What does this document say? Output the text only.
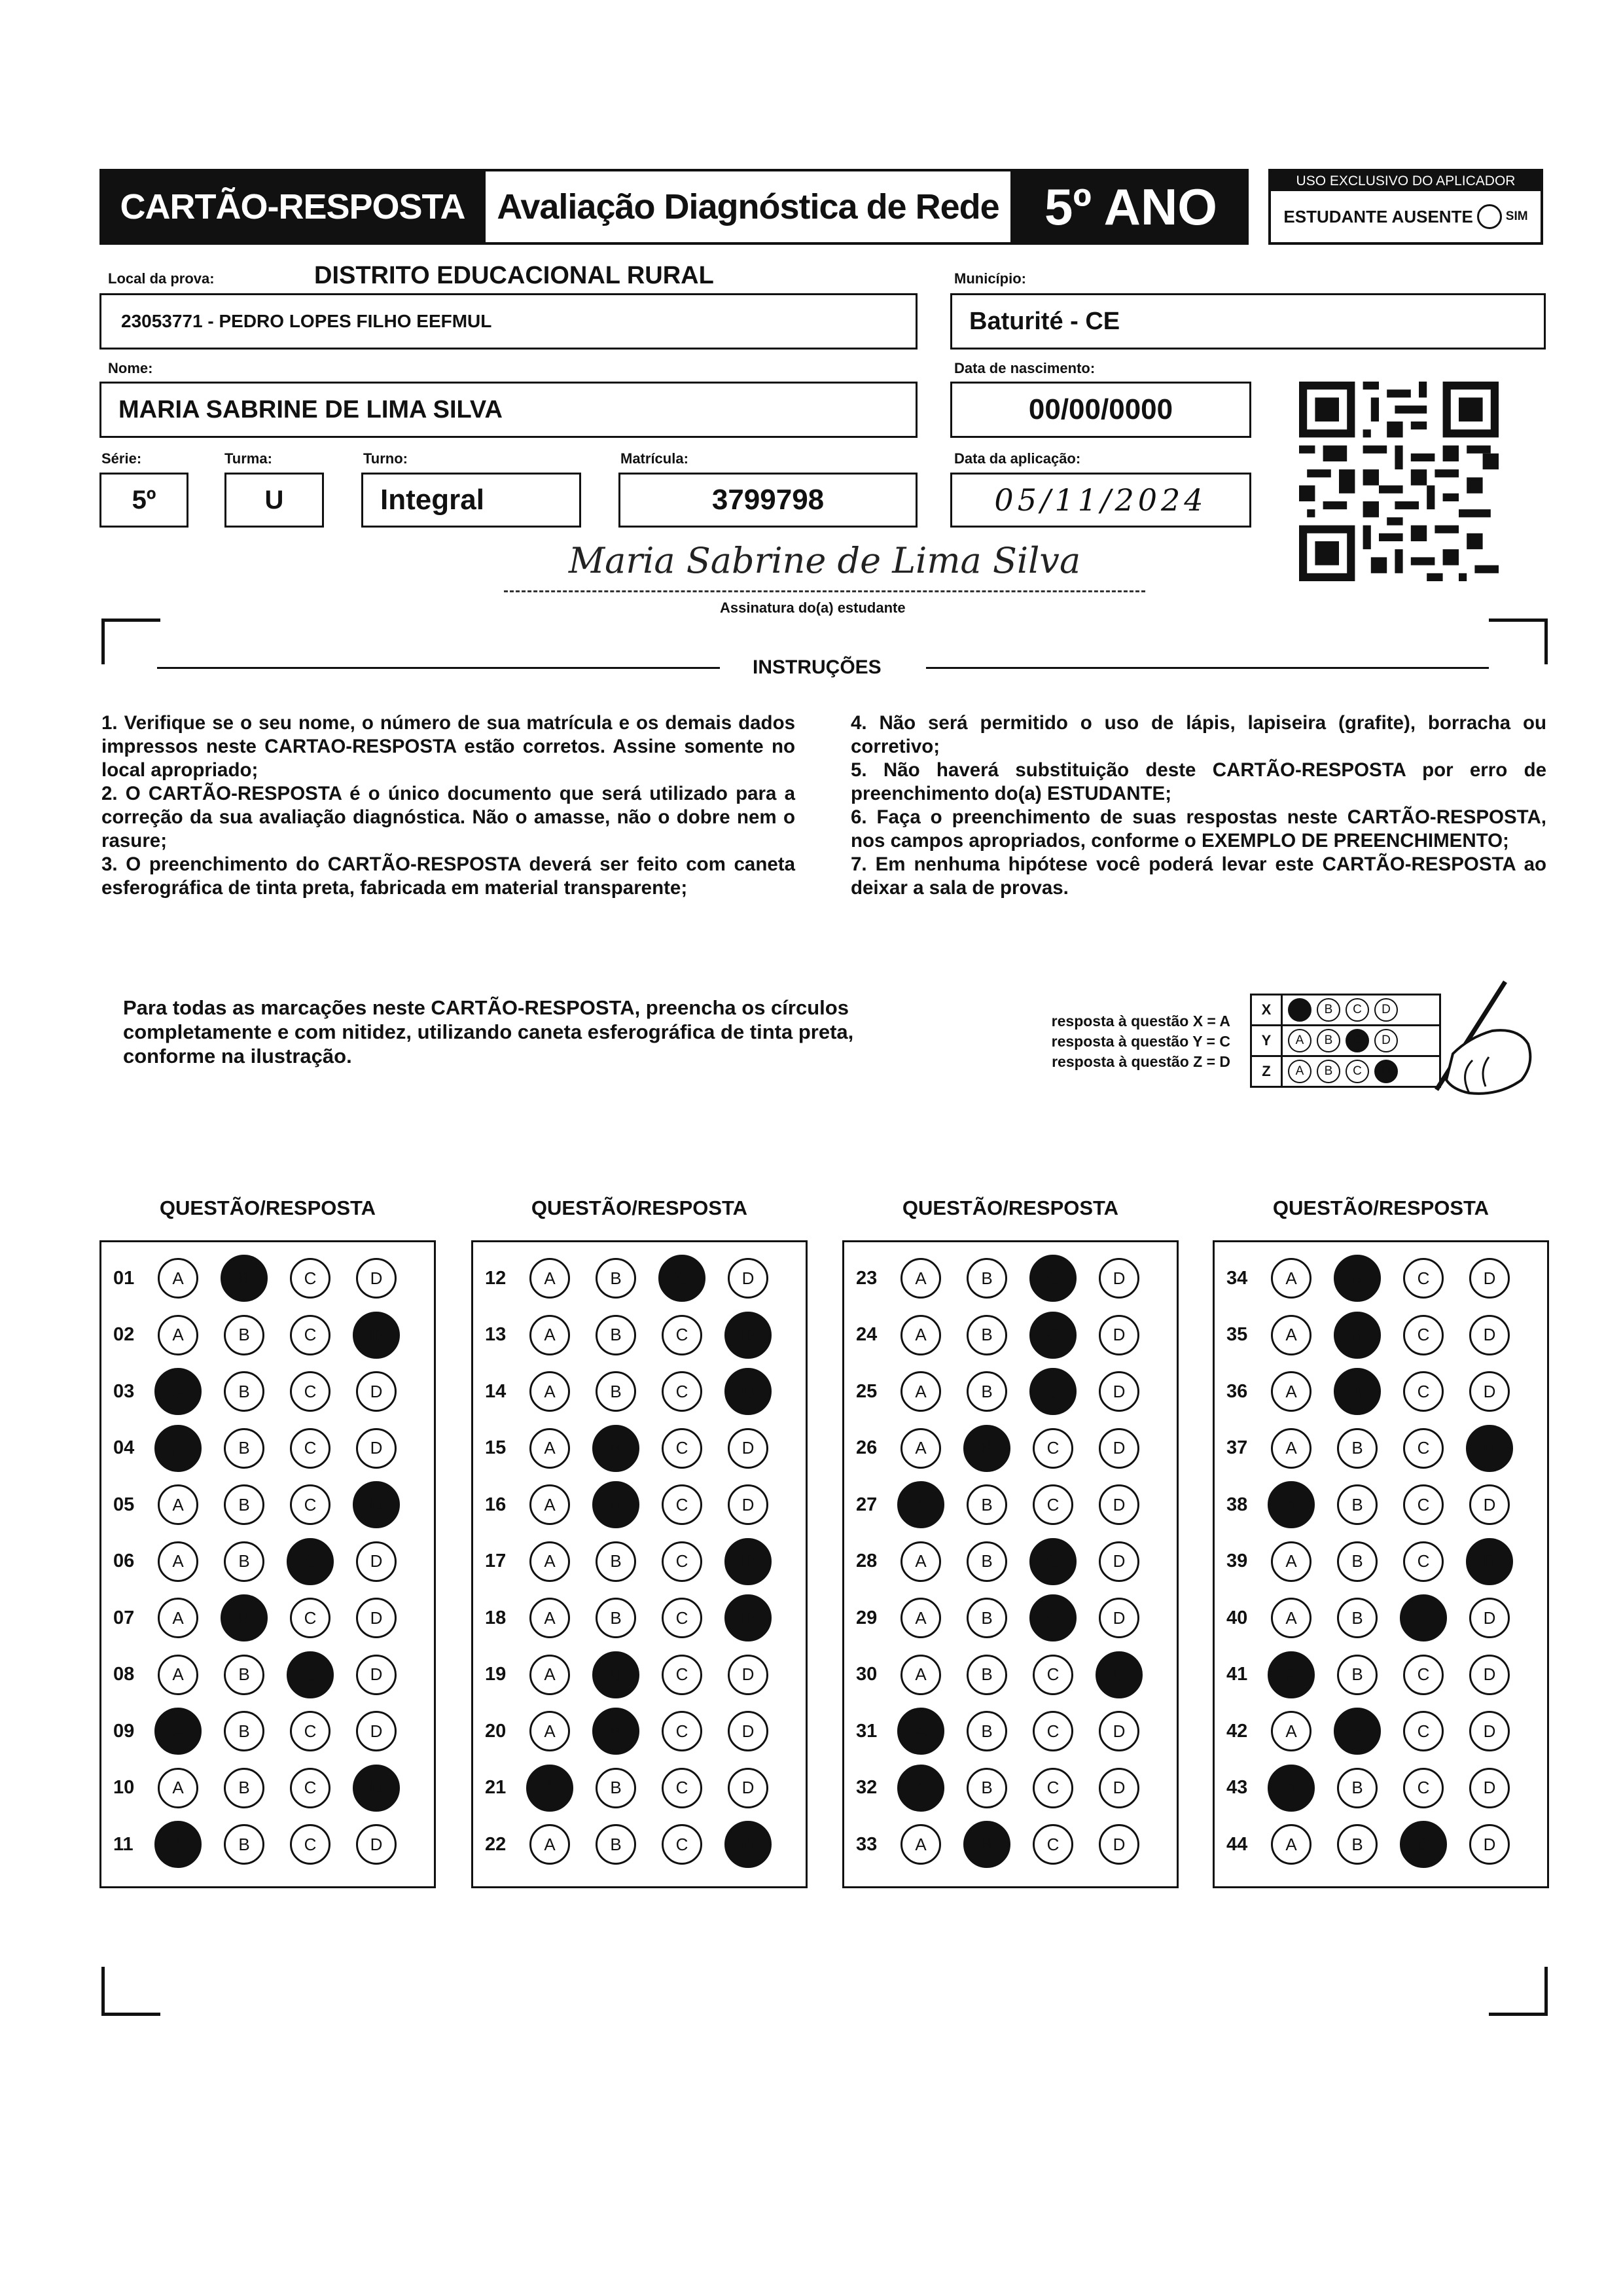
CARTÃO-RESPOSTA Avaliação Diagnóstica de Rede 5º ANO	USO EXCLUSIVO DO APLICADOR
ESTUDANTE AUSENTE	SIM
Local da prova:	DISTRITO EDUCACIONAL RURAL
23053771 - PEDRO LOPES FILHO EEFMUL
Município:
Baturité - CE
Nome:
MARIA SABRINE DE LIMA SILVA
Data de nascimento:
00/00/0000
Série:
5º
Turma:
U
Turno:
Integral
Matrícula:
3799798
Data da aplicação:
05/11/2024
Maria Sabrine de Lima Silva
Assinatura do(a) estudante
INSTRUÇÕES

1. Verifique se o seu nome, o número de sua matrícula e os demais dados impressos neste CARTAO-RESPOSTA estão corretos. Assine somente no local apropriado;

2. O CARTÃO-RESPOSTA é o único documento que será utilizado para a correção da sua avaliação diagnóstica. Não o amasse, não o dobre nem o rasure;

3. O preenchimento do CARTÃO-RESPOSTA deverá ser feito com caneta esferográfica de tinta preta, fabricada em material transparente;

4. Não será permitido o uso de lápis, lapiseira (grafite), borracha ou corretivo;

5. Não haverá substituição deste CARTÃO-RESPOSTA por erro de preenchimento do(a) ESTUDANTE;

6. Faça o preenchimento de suas respostas neste CARTÃO-RESPOSTA, nos campos apropriados, conforme o EXEMPLO DE PREENCHIMENTO;

7. Em nenhuma hipótese você poderá levar este CARTÃO-RESPOSTA ao deixar a sala de provas.

Para todas as marcações neste CARTÃO-RESPOSTA, preencha os círculos completamente e com nitidez, utilizando caneta esferográfica de tinta preta, conforme na ilustração.
resposta à questão X = A
resposta à questão Y = C
resposta à questão Z = D
X	A	B	C	D
Y	A	B	C	D
Z	A	B	C	D
QUESTÃO/RESPOSTA	QUESTÃO/RESPOSTA	QUESTÃO/RESPOSTA	QUESTÃO/RESPOSTA
01	A	B	C	D
02	A	B	C	D
03	A	B	C	D
04	A	B	C	D
05	A	B	C	D
06	A	B	C	D
07	A	B	C	D
08	A	B	C	D
09	A	B	C	D
10	A	B	C	D
11	A	B	C	D
12	A	B	C	D
13	A	B	C	D
14	A	B	C	D
15	A	B	C	D
16	A	B	C	D
17	A	B	C	D
18	A	B	C	D
19	A	B	C	D
20	A	B	C	D
21	A	B	C	D
22	A	B	C	D
23	A	B	C	D
24	A	B	C	D
25	A	B	C	D
26	A	B	C	D
27	A	B	C	D
28	A	B	C	D
29	A	B	C	D
30	A	B	C	D
31	A	B	C	D
32	A	B	C	D
33	A	B	C	D
34	A	B	C	D
35	A	B	C	D
36	A	B	C	D
37	A	B	C	D
38	A	B	C	D
39	A	B	C	D
40	A	B	C	D
41	A	B	C	D
42	A	B	C	D
43	A	B	C	D
44	A	B	C	D
